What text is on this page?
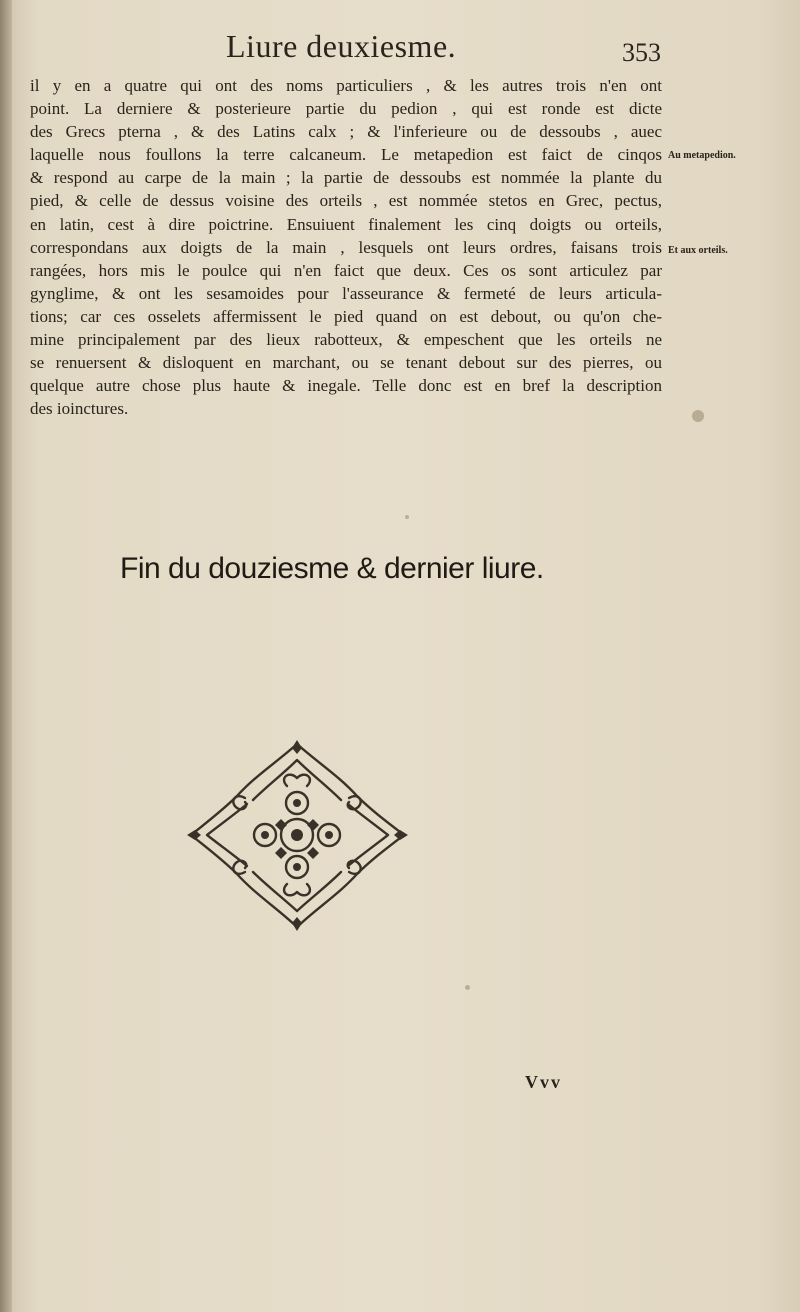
Liure deuxiesme.	353
il y en a quatre qui ont des noms particuliers , & les autres trois n'en ont
point. La derniere & posterieure partie du pedion , qui est ronde est dicte
des Grecs pterna , & des Latins calx ; & l'inferieure ou de dessoubs , auec
laquelle nous foullons la terre calcaneum. Le metapedion est faict de cinqos
& respond au carpe de la main ; la partie de dessoubs est nommée la plante du
pied, & celle de dessus voisine des orteils , est nommée stetos en Grec, pectus,
en latin, cest à dire poictrine. Ensuiuent finalement les cinq doigts ou orteils,
correspondans aux doigts de la main , lesquels ont leurs ordres, faisans trois
rangées, hors mis le poulce qui n'en faict que deux. Ces os sont articulez par
gynglime, & ont les sesamoides pour l'asseurance & fermeté de leurs articula-
tions; car ces osselets affermissent le pied quand on est debout, ou qu'on che-
mine principalement par des lieux rabotteux, & empeschent que les orteils ne
se renuersent & disloquent en marchant, ou se tenant debout sur des pierres, ou
quelque autre chose plus haute & inegale. Telle donc est en bref la description
des ioinctures.
Au metapedion.
Et aux orteils.
Fin du douziesme & dernier liure.
Vvv
